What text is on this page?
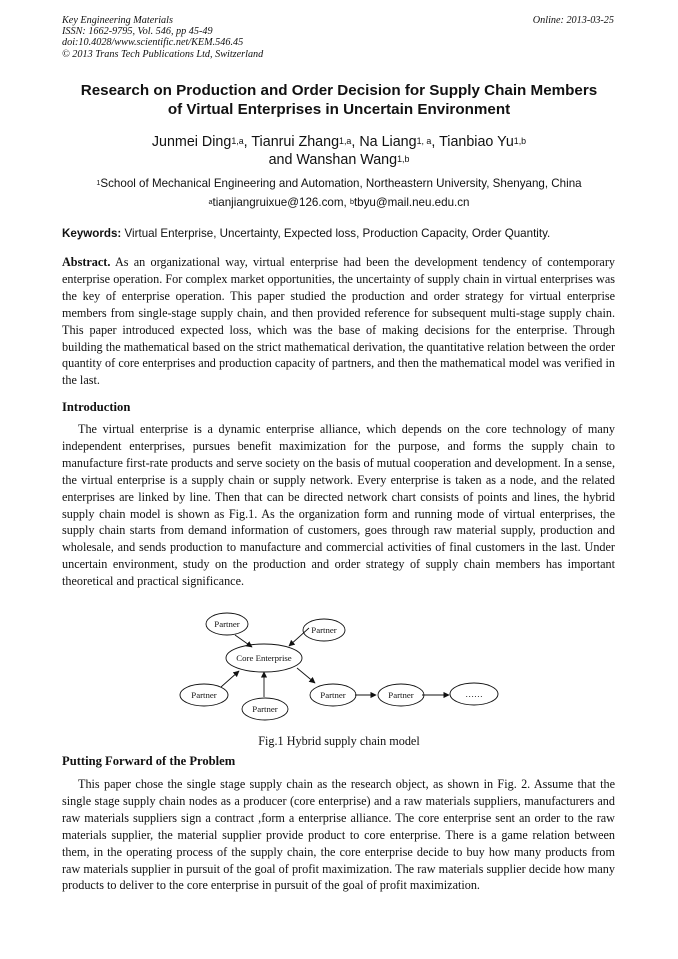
Key Engineering Materials
ISSN: 1662-9795, Vol. 546, pp 45-49
doi:10.4028/www.scientific.net/KEM.546.45
© 2013 Trans Tech Publications Ltd, Switzerland
Online: 2013-03-25
Research on Production and Order Decision for Supply Chain Members
of Virtual Enterprises in Uncertain Environment
Junmei Ding$^{1,a}$, Tianrui Zhang$^{1,a}$, Na Liang$^{1, a}$, Tianbiao Yu$^{1,b}$
and Wanshan Wang$^{1,b}$
$^1$School of Mechanical Engineering and Automation, Northeastern University, Shenyang, China
$^a$tianjiangruixue@126.com, $^b$tbyu@mail.neu.edu.cn
Keywords: Virtual Enterprise, Uncertainty, Expected loss, Production Capacity, Order Quantity.
Abstract. As an organizational way, virtual enterprise had been the development tendency of contemporary enterprise operation. For complex market opportunities, the uncertainty of supply chain in virtual enterprises was the key of enterprise operation. This paper studied the production and order strategy for virtual enterprise members from single-stage supply chain, and then provided reference for subsequent multi-stage supply chain. This paper introduced expected loss, which was the base of making decisions for the enterprise. Through building the mathematical based on the strict mathematical derivation, the quantitative relation between the order quantity of core enterprises and production capacity of partners, and then the mathematical model was verified in the last.
Introduction
The virtual enterprise is a dynamic enterprise alliance, which depends on the core technology of many independent enterprises, pursues benefit maximization for the purpose, and forms the supply chain to manufacture first-rate products and serve society on the basis of mutual cooperation and development. In a sense, the virtual enterprise is a supply chain or supply network. Every enterprise is taken as a node, and the related enterprises are linked by line. Then that can be directed network chart consists of points and lines, the hybrid supply chain model is shown as Fig.1. As the organization form and running mode of virtual enterprises, the supply chain starts from demand information of customers, goes through raw material supply, production and wholesale, and sends production to manufacture and commercial activities of final customers in the last. Under uncertain environment, study on the production and order strategy of supply chain members has important theoretical and practical significance.
Partner
Partner
Core Enterprise
Partner
Partner
Partner	Partner	……
Fig.1 Hybrid supply chain model
Putting Forward of the Problem
This paper chose the single stage supply chain as the research object, as shown in Fig. 2. Assume that the single stage supply chain nodes as a producer (core enterprise) and a raw materials suppliers, manufacturers and raw materials suppliers sign a contract ,form a enterprise alliance. The core enterprise sent an order to the raw materials supplier, the material supplier provide product to core enterprise. There is a game relation between them, in the operating process of the supply chain, the core enterprise decide to buy how many products from raw materials supplier in pursuit of the goal of profit maximization. The raw materials supplier decide how many products to deliver to the core enterprise in pursuit of the goal of profit maximization.
